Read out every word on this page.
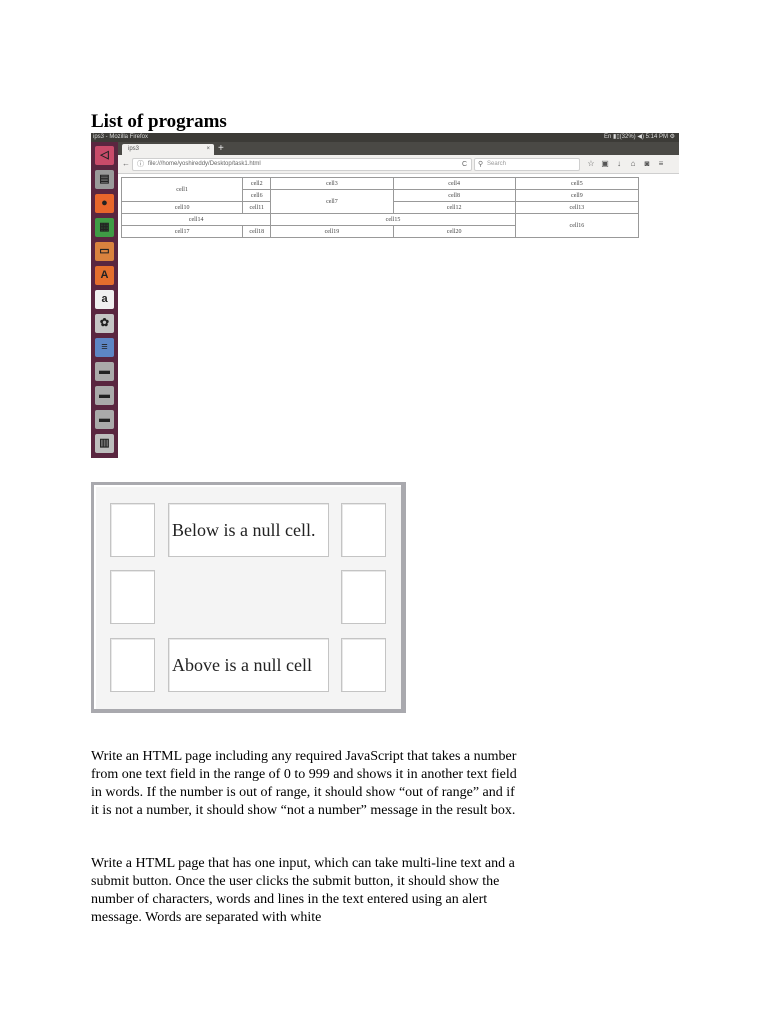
List of programs
ips3 - Mozilla Firefox	En ▮▯(32%) ◀) 5:14 PM ⚙
◁
▤
●
▦
▭
A
a
✿
≡
▬
▬
▬
▥
ips3	× +
← ⓘ file:///home/yoshireddy/Desktop/task1.html	C ⚲ Search	☆ ▣ ↓ ⌂ ◙ ≡
cell1	cell2	cell3	cell4	cell5
	cell6	cell7	cell8	cell9
cell10	cell11		cell12	cell13
cell14		cell15		cell16
cell17	cell18	cell19	cell20	
Below is a null cell.
Above is a null cell

Write an HTML page including any required JavaScript that takes a number from one text field in the range of 0 to 999 and shows it in another text field in words. If the number is out of range, it should show “out of range” and if it is not a number, it should show “not a number” message in the result box.

Write a HTML page that has one input, which can take multi-line text and a submit button. Once the user clicks the submit button, it should show the number of characters, words and lines in the text entered using an alert message. Words are separated with white
